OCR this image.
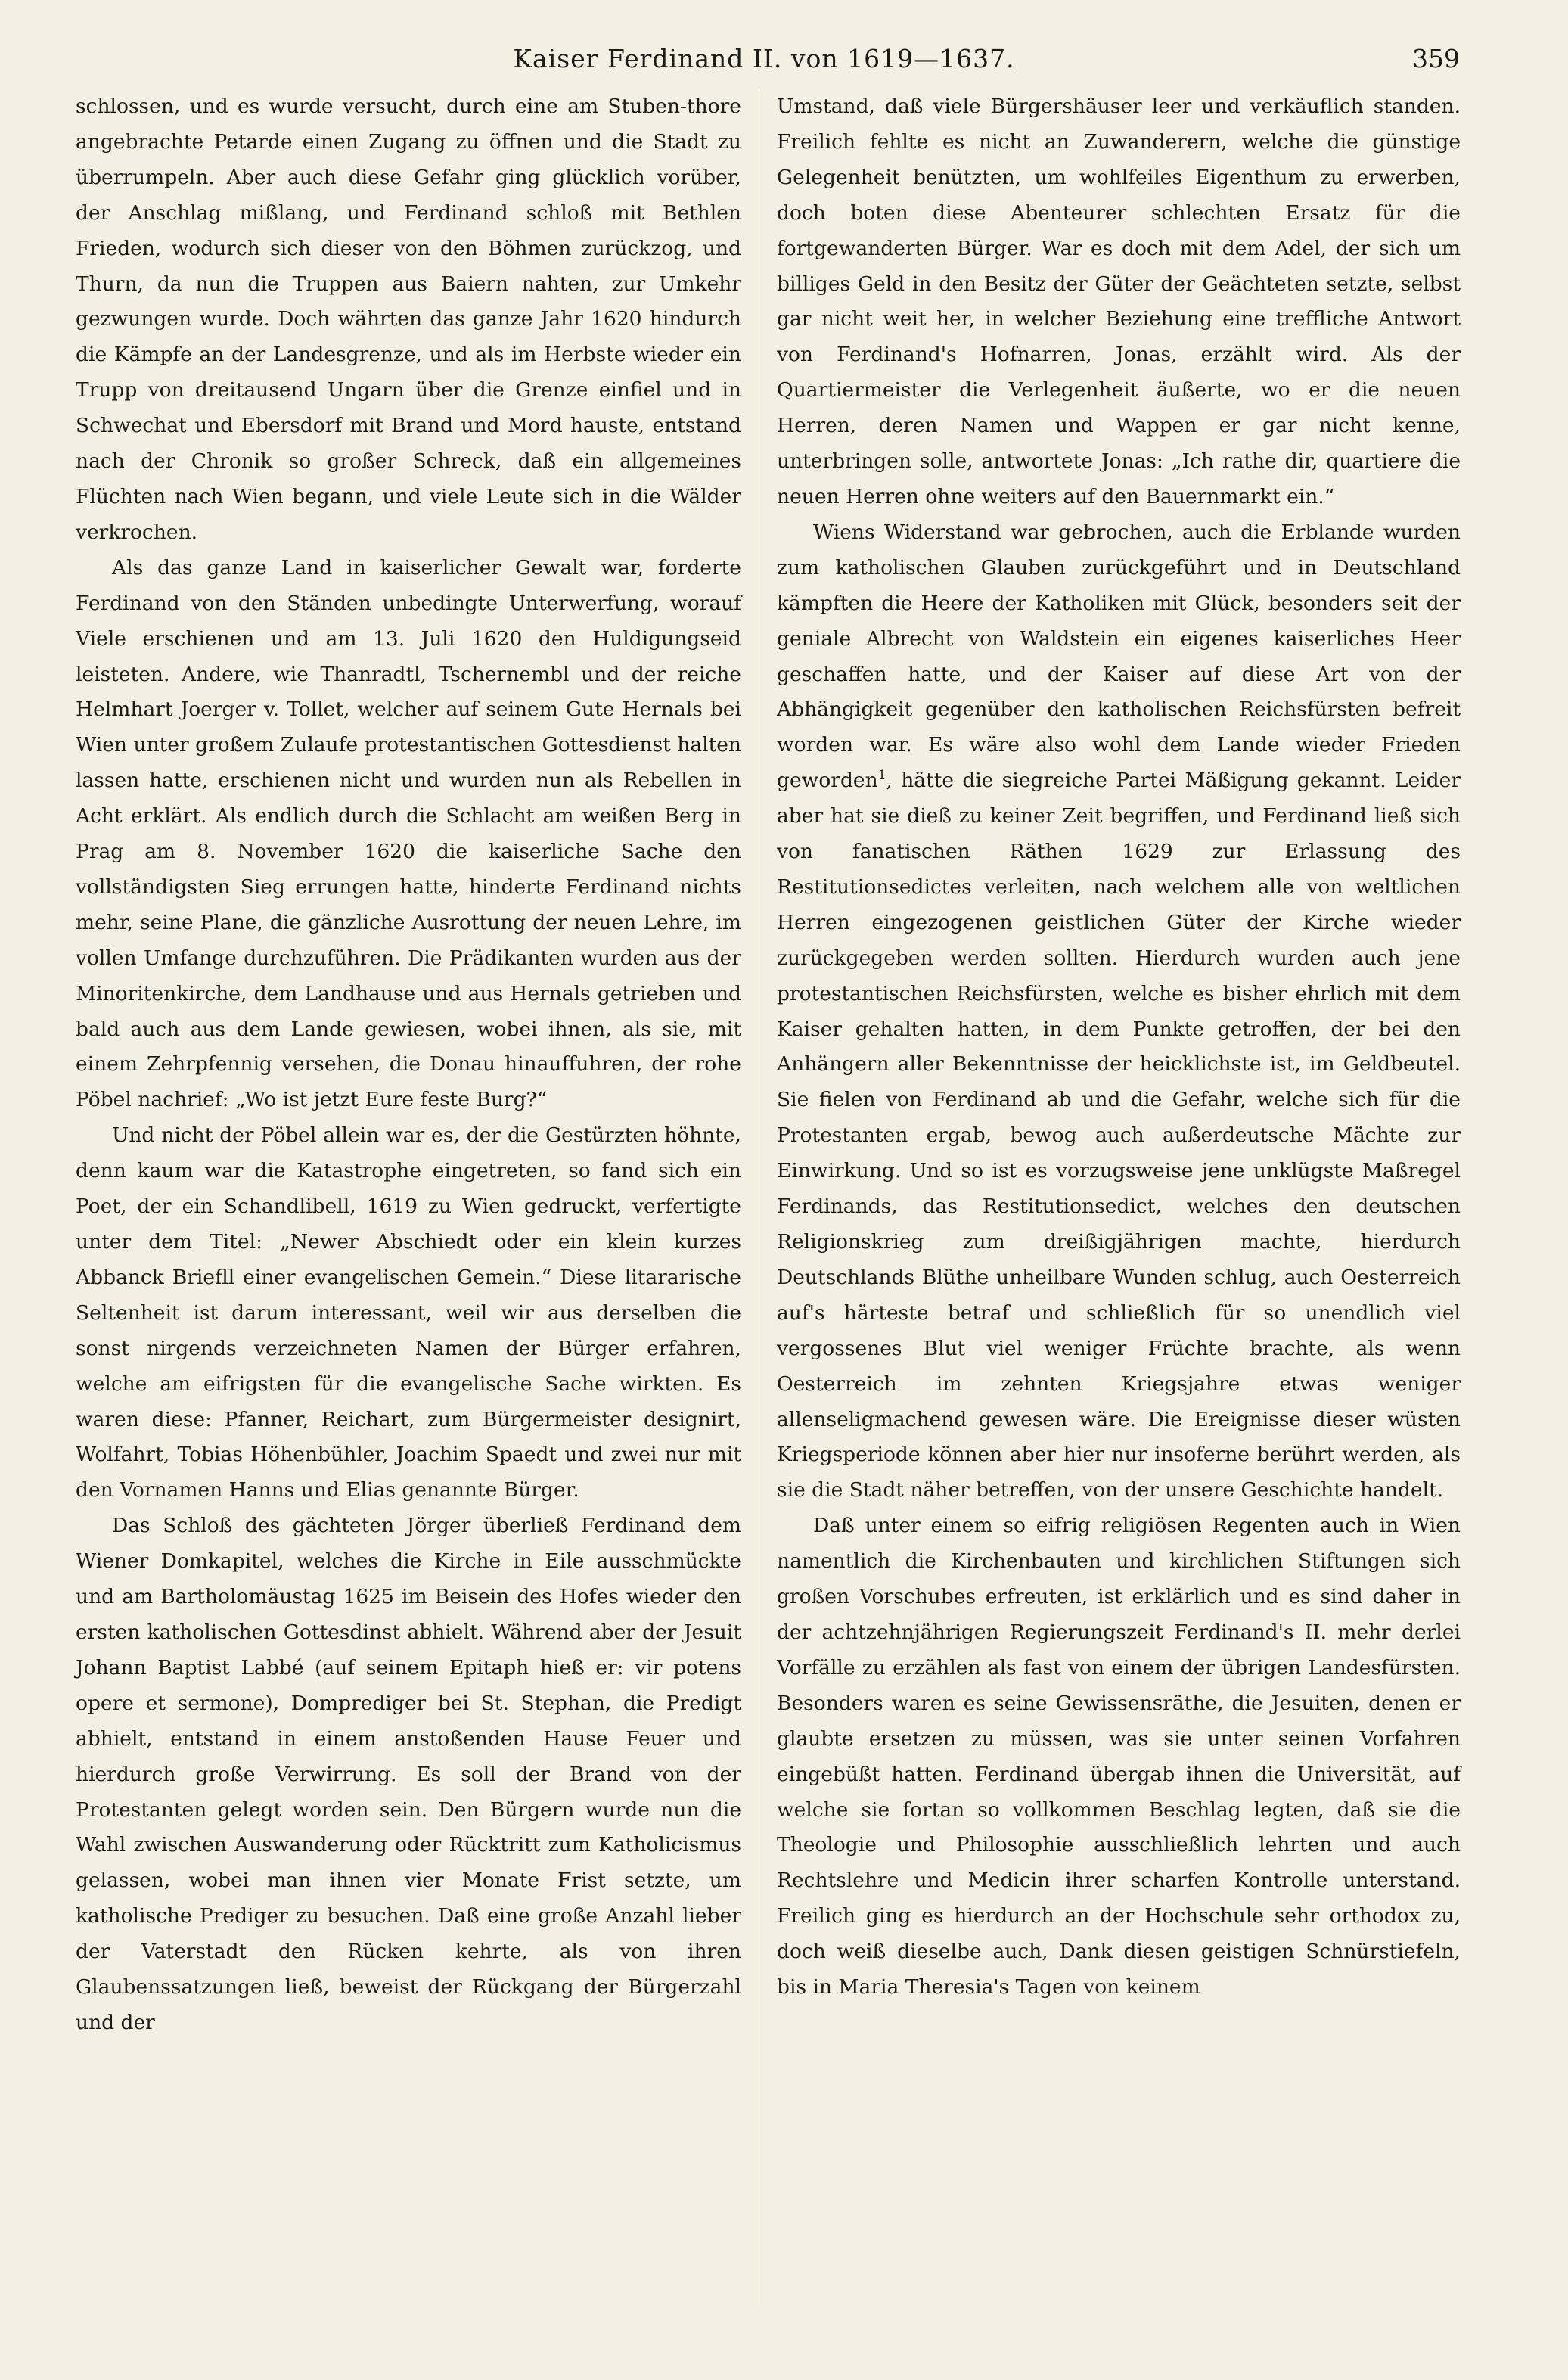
Kaiser Ferdinand II. von 1619—1637.	359

schlossen, und es wurde versucht, durch eine am Stuben-thore angebrachte Petarde einen Zugang zu öffnen und die Stadt zu überrumpeln. Aber auch diese Gefahr ging glücklich vorüber, der Anschlag mißlang, und Ferdinand schloß mit Bethlen Frieden, wodurch sich dieser von den Böhmen zurückzog, und Thurn, da nun die Truppen aus Baiern nahten, zur Umkehr gezwungen wurde. Doch währten das ganze Jahr 1620 hindurch die Kämpfe an der Landesgrenze, und als im Herbste wieder ein Trupp von dreitausend Ungarn über die Grenze einfiel und in Schwechat und Ebersdorf mit Brand und Mord hauste, entstand nach der Chronik so großer Schreck, daß ein allgemeines Flüchten nach Wien begann, und viele Leute sich in die Wälder verkrochen.

Als das ganze Land in kaiserlicher Gewalt war, forderte Ferdinand von den Ständen unbedingte Unterwerfung, worauf Viele erschienen und am 13. Juli 1620 den Huldigungseid leisteten. Andere, wie Thanradtl, Tschernembl und der reiche Helmhart Joerger v. Tollet, welcher auf seinem Gute Hernals bei Wien unter großem Zulaufe protestantischen Gottesdienst halten lassen hatte, erschienen nicht und wurden nun als Rebellen in Acht erklärt. Als endlich durch die Schlacht am weißen Berg in Prag am 8. November 1620 die kaiserliche Sache den vollständigsten Sieg errungen hatte, hinderte Ferdinand nichts mehr, seine Plane, die gänzliche Ausrottung der neuen Lehre, im vollen Umfange durchzuführen. Die Prädikanten wurden aus der Minoritenkirche, dem Landhause und aus Hernals getrieben und bald auch aus dem Lande gewiesen, wobei ihnen, als sie, mit einem Zehrpfennig versehen, die Donau hinauffuhren, der rohe Pöbel nachrief: „Wo ist jetzt Eure feste Burg?“

Und nicht der Pöbel allein war es, der die Gestürzten höhnte, denn kaum war die Katastrophe eingetreten, so fand sich ein Poet, der ein Schandlibell, 1619 zu Wien gedruckt, verfertigte unter dem Titel: „Newer Abschiedt oder ein klein kurzes Abbanck Briefll einer evangelischen Gemein.“ Diese litararische Seltenheit ist darum interessant, weil wir aus derselben die sonst nirgends verzeichneten Namen der Bürger erfahren, welche am eifrigsten für die evangelische Sache wirkten. Es waren diese: Pfanner, Reichart, zum Bürgermeister designirt, Wolfahrt, Tobias Höhenbühler, Joachim Spaedt und zwei nur mit den Vornamen Hanns und Elias genannte Bürger.

Das Schloß des gächteten Jörger überließ Ferdinand dem Wiener Domkapitel, welches die Kirche in Eile ausschmückte und am Bartholomäustag 1625 im Beisein des Hofes wieder den ersten katholischen Gottesdinst abhielt. Während aber der Jesuit Johann Baptist Labbé (auf seinem Epitaph hieß er: vir potens opere et sermone), Domprediger bei St. Stephan, die Predigt abhielt, entstand in einem anstoßenden Hause Feuer und hierdurch große Verwirrung. Es soll der Brand von der Protestanten gelegt worden sein. Den Bürgern wurde nun die Wahl zwischen Auswanderung oder Rücktritt zum Katholicismus gelassen, wobei man ihnen vier Monate Frist setzte, um katholische Prediger zu besuchen. Daß eine große Anzahl lieber der Vaterstadt den Rücken kehrte, als von ihren Glaubenssatzungen ließ, beweist der Rückgang der Bürgerzahl und der

Umstand, daß viele Bürgershäuser leer und verkäuflich standen. Freilich fehlte es nicht an Zuwanderern, welche die günstige Gelegenheit benützten, um wohlfeiles Eigenthum zu erwerben, doch boten diese Abenteurer schlechten Ersatz für die fortgewanderten Bürger. War es doch mit dem Adel, der sich um billiges Geld in den Besitz der Güter der Geächteten setzte, selbst gar nicht weit her, in welcher Beziehung eine treffliche Antwort von Ferdinand's Hofnarren, Jonas, erzählt wird. Als der Quartiermeister die Verlegenheit äußerte, wo er die neuen Herren, deren Namen und Wappen er gar nicht kenne, unterbringen solle, antwortete Jonas: „Ich rathe dir, quartiere die neuen Herren ohne weiters auf den Bauernmarkt ein.“

Wiens Widerstand war gebrochen, auch die Erblande wurden zum katholischen Glauben zurückgeführt und in Deutschland kämpften die Heere der Katholiken mit Glück, besonders seit der geniale Albrecht von Waldstein ein eigenes kaiserliches Heer geschaffen hatte, und der Kaiser auf diese Art von der Abhängigkeit gegenüber den katholischen Reichsfürsten befreit worden war. Es wäre also wohl dem Lande wieder Frieden geworden$^1$, hätte die siegreiche Partei Mäßigung gekannt. Leider aber hat sie dieß zu keiner Zeit begriffen, und Ferdinand ließ sich von fanatischen Räthen 1629 zur Erlassung des Restitutionsedictes verleiten, nach welchem alle von weltlichen Herren eingezogenen geistlichen Güter der Kirche wieder zurückgegeben werden sollten. Hierdurch wurden auch jene protestantischen Reichsfürsten, welche es bisher ehrlich mit dem Kaiser gehalten hatten, in dem Punkte getroffen, der bei den Anhängern aller Bekenntnisse der heicklichste ist, im Geldbeutel. Sie fielen von Ferdinand ab und die Gefahr, welche sich für die Protestanten ergab, bewog auch außerdeutsche Mächte zur Einwirkung. Und so ist es vorzugsweise jene unklügste Maßregel Ferdinands, das Restitutionsedict, welches den deutschen Religionskrieg zum dreißigjährigen machte, hierdurch Deutschlands Blüthe unheilbare Wunden schlug, auch Oesterreich auf's härteste betraf und schließlich für so unendlich viel vergossenes Blut viel weniger Früchte brachte, als wenn Oesterreich im zehnten Kriegsjahre etwas weniger allenseligmachend gewesen wäre. Die Ereignisse dieser wüsten Kriegsperiode können aber hier nur insoferne berührt werden, als sie die Stadt näher betreffen, von der unsere Geschichte handelt.

Daß unter einem so eifrig religiösen Regenten auch in Wien namentlich die Kirchenbauten und kirchlichen Stiftungen sich großen Vorschubes erfreuten, ist erklärlich und es sind daher in der achtzehnjährigen Regierungszeit Ferdinand's II. mehr derlei Vorfälle zu erzählen als fast von einem der übrigen Landesfürsten. Besonders waren es seine Gewissensräthe, die Jesuiten, denen er glaubte ersetzen zu müssen, was sie unter seinen Vorfahren eingebüßt hatten. Ferdinand übergab ihnen die Universität, auf welche sie fortan so vollkommen Beschlag legten, daß sie die Theologie und Philosophie ausschließlich lehrten und auch Rechtslehre und Medicin ihrer scharfen Kontrolle unterstand. Freilich ging es hierdurch an der Hochschule sehr orthodox zu, doch weiß dieselbe auch, Dank diesen geistigen Schnürstiefeln, bis in Maria Theresia's Tagen von keinem
